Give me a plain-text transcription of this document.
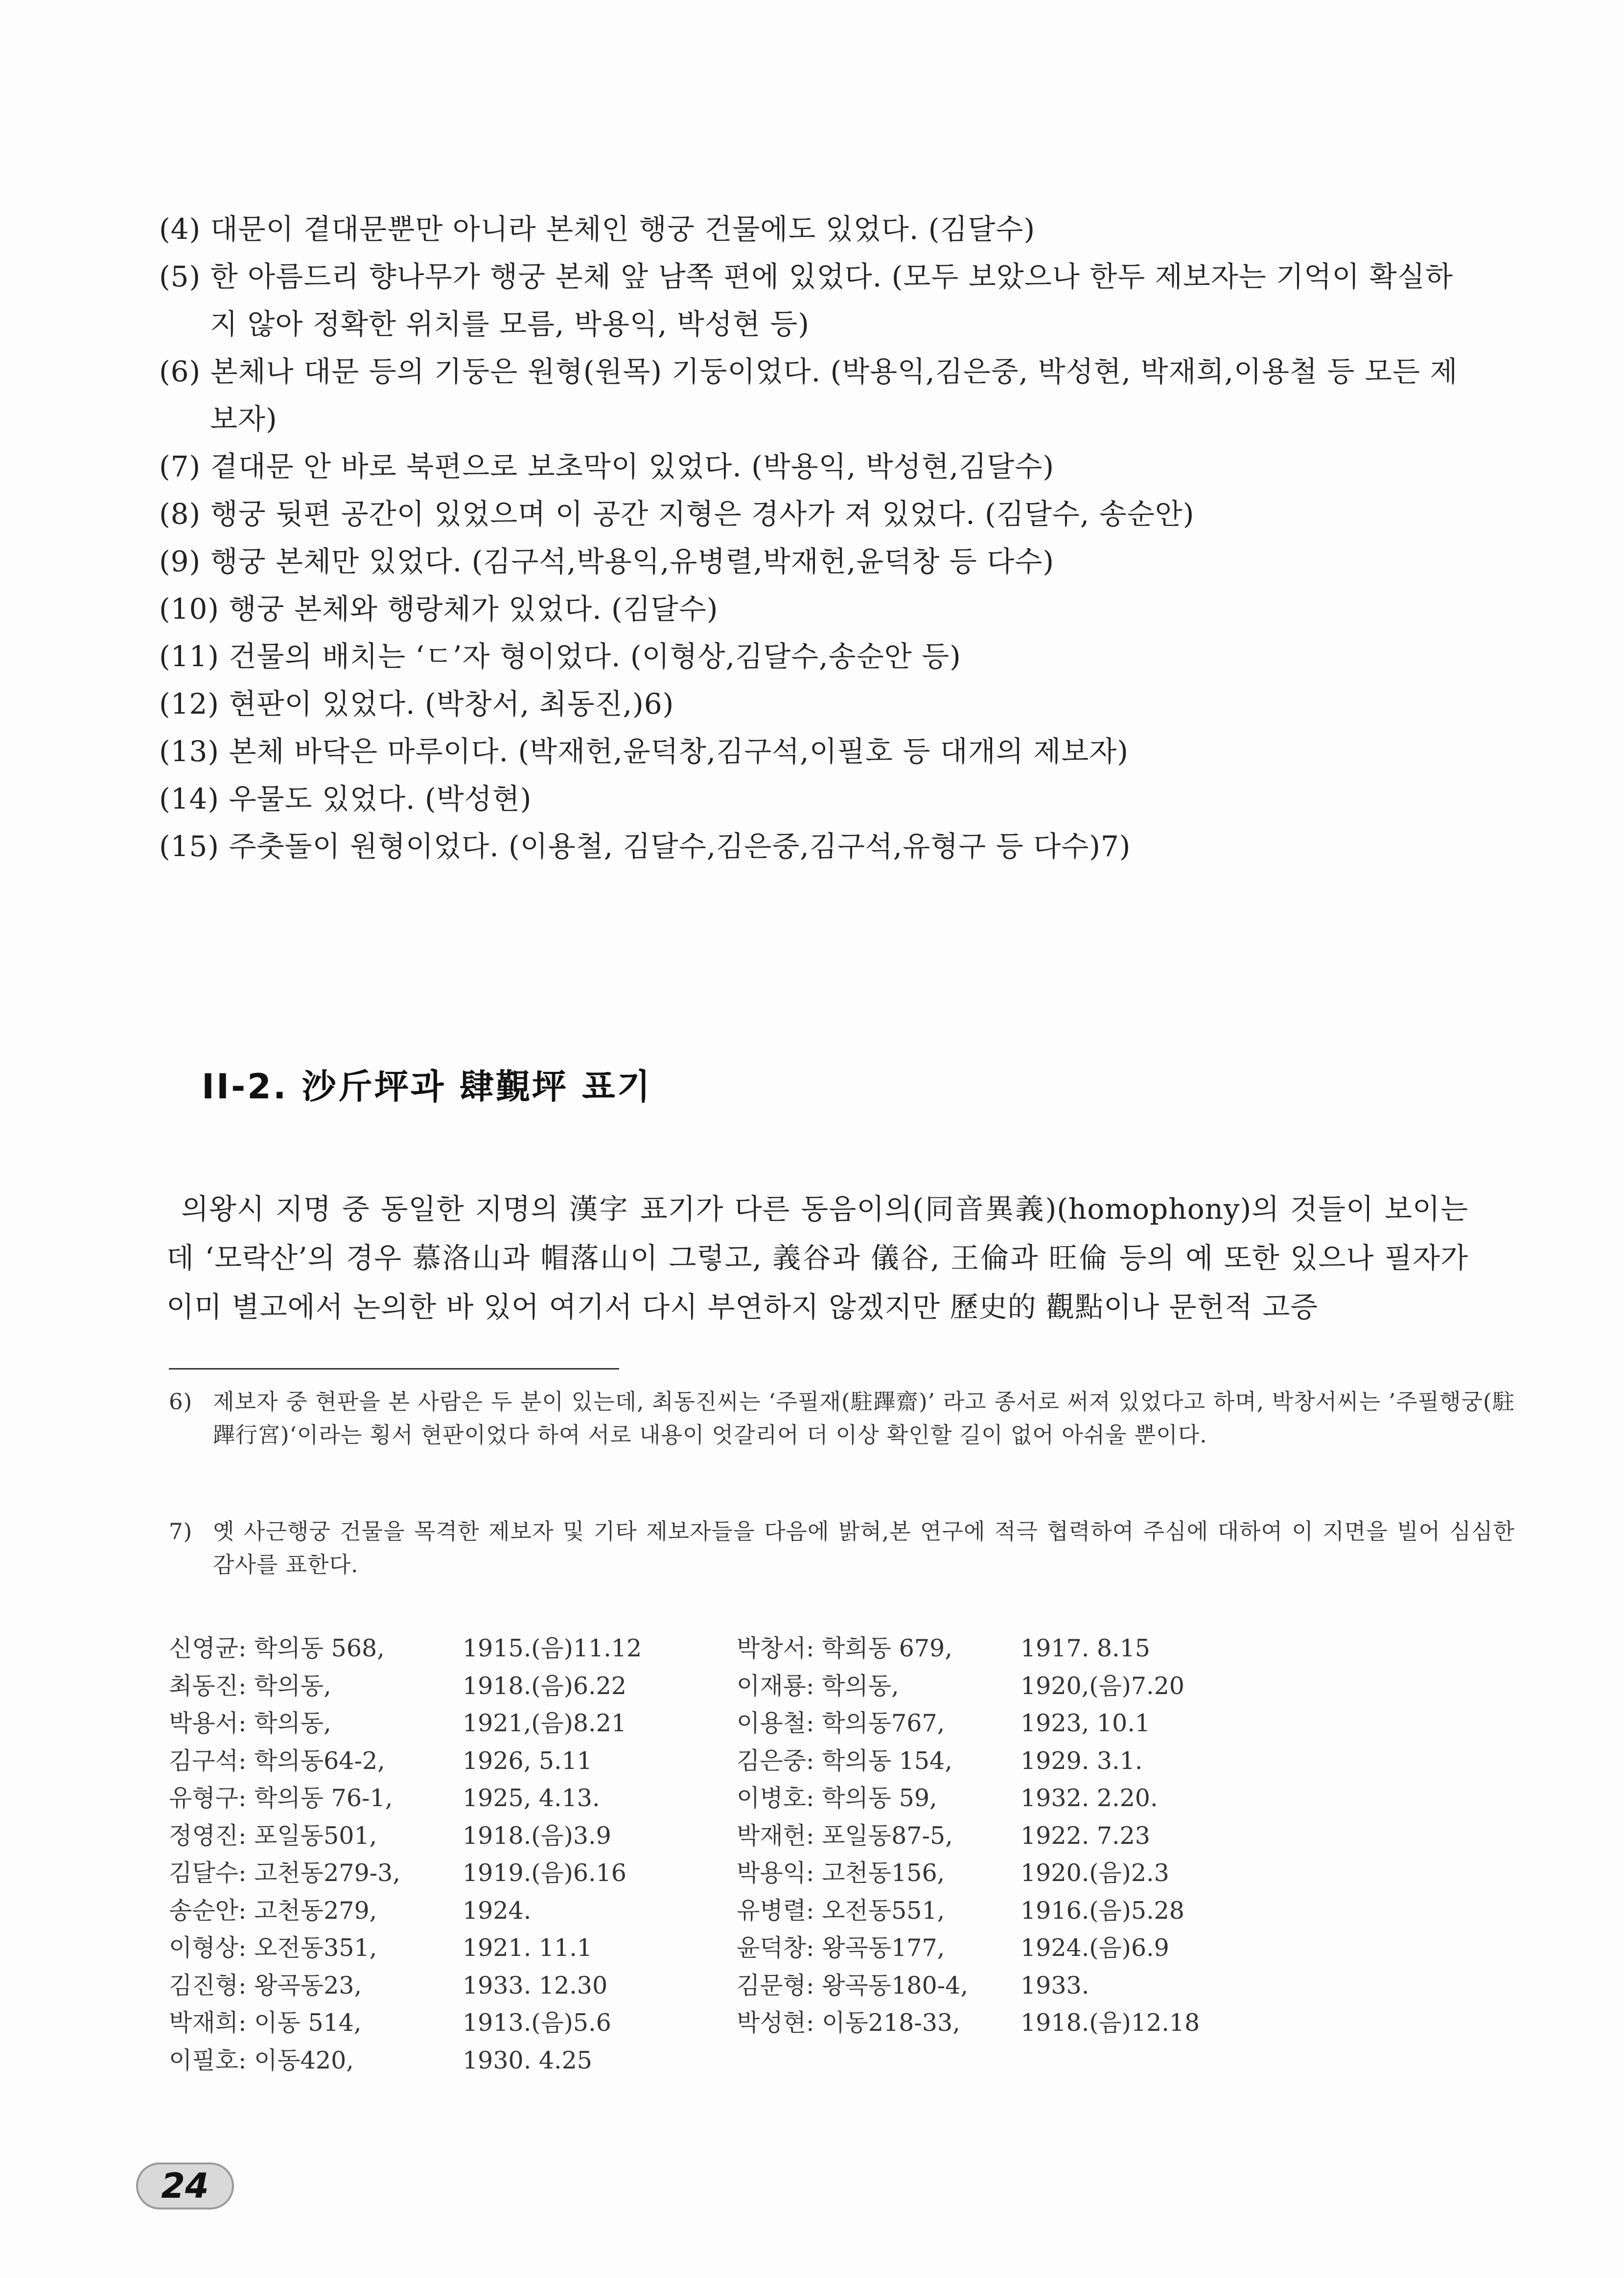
(4) 대문이 곁대문뿐만 아니라 본체인 행궁 건물에도 있었다. (김달수)
(5) 한 아름드리 향나무가 행궁 본체 앞 남쪽 편에 있었다. (모두 보았으나 한두 제보자는 기억이 확실하지 않아 정확한 위치를 모름, 박용익, 박성현 등)
(6) 본체나 대문 등의 기둥은 원형(원목) 기둥이었다. (박용익,김은중, 박성현, 박재희,이용철 등 모든 제보자)
(7) 곁대문 안 바로 북편으로 보초막이 있었다. (박용익, 박성현,김달수)
(8) 행궁 뒷편 공간이 있었으며 이 공간 지형은 경사가 져 있었다. (김달수, 송순안)
(9) 행궁 본체만 있었다. (김구석,박용익,유병렬,박재헌,윤덕창 등 다수)
(10) 행궁 본체와 행랑체가 있었다. (김달수)
(11) 건물의 배치는 ‘ㄷ’자 형이었다. (이형상,김달수,송순안 등)
(12) 현판이 있었다. (박창서, 최동진,)6)
(13) 본체 바닥은 마루이다. (박재헌,윤덕창,김구석,이필호 등 대개의 제보자)
(14) 우물도 있었다. (박성현)
(15) 주춧돌이 원형이었다. (이용철, 김달수,김은중,김구석,유형구 등 다수)7)
II-2. 沙斤坪과 肆覲坪 표기
의왕시 지명 중 동일한 지명의 漢字 표기가 다른 동음이의(同音異義)(homophony)의 것들이 보이는데 ‘모락산’의 경우 慕洛山과 帽落山이 그렇고, 義谷과 儀谷, 王倫과 旺倫 등의 예 또한 있으나 필자가 이미 별고에서 논의한 바 있어 여기서 다시 부연하지 않겠지만 歷史的 觀點이나 문헌적 고증
6) 제보자 중 현판을 본 사람은 두 분이 있는데, 최동진씨는 ‘주필재(駐蹕齋)’ 라고 종서로 써져 있었다고 하며, 박창서씨는 ’주필행궁(駐蹕行宮)‘이라는 횡서 현판이었다 하여 서로 내용이 엇갈리어 더 이상 확인할 길이 없어 아쉬울 뿐이다.
7) 옛 사근행궁 건물을 목격한 제보자 및 기타 제보자들을 다음에 밝혀,본 연구에 적극 협력하여 주심에 대하여 이 지면을 빌어 심심한 감사를 표한다.
신영균: 학의동 568,	1915.(음)11.12
최동진: 학의동,	1918.(음)6.22
박용서: 학의동,	1921,(음)8.21
김구석: 학의동64-2,	1926, 5.11
유형구: 학의동 76-1,	1925, 4.13.
정영진: 포일동501,	1918.(음)3.9
김달수: 고천동279-3,	1919.(음)6.16
송순안: 고천동279,	1924.
이형상: 오전동351,	1921. 11.1
김진형: 왕곡동23,	1933. 12.30
박재희: 이동 514,	1913.(음)5.6
이필호: 이동420,	1930. 4.25
박창서: 학희동 679,	1917. 8.15
이재룡: 학의동,	1920,(음)7.20
이용철: 학의동767,	1923, 10.1
김은중: 학의동 154,	1929. 3.1.
이병호: 학의동 59,	1932. 2.20.
박재헌: 포일동87-5,	1922. 7.23
박용익: 고천동156,	1920.(음)2.3
유병렬: 오전동551,	1916.(음)5.28
윤덕창: 왕곡동177,	1924.(음)6.9
김문형: 왕곡동180-4, 1933.
박성현: 이동218-33,	1918.(음)12.18
24
